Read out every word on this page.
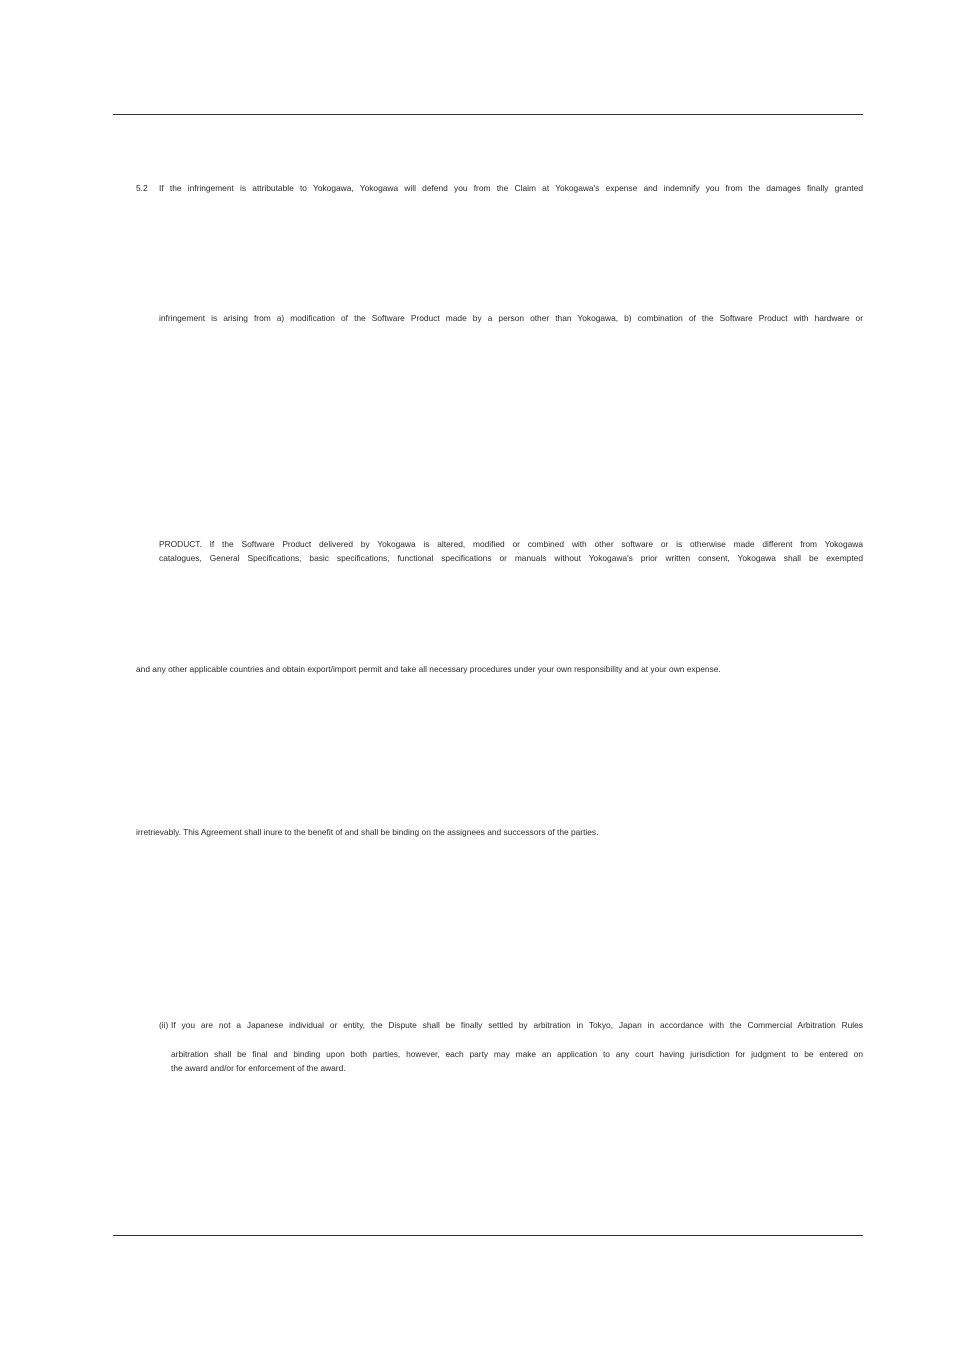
5.2 If the infringement is attributable to Yokogawa, Yokogawa will defend you from the Claim at Yokogawa's expense and indemnify you from the damages finally granted
infringement is arising from a) modification of the Software Product made by a person other than Yokogawa, b) combination of the Software Product with hardware or
PRODUCT. If the Software Product delivered by Yokogawa is altered, modified or combined with other software or is otherwise made different from Yokogawa
catalogues, General Specifications, basic specifications, functional specifications or manuals without Yokogawa's prior written consent, Yokogawa shall be exempted
and any other applicable countries and obtain export/import permit and take all necessary procedures under your own responsibility and at your own expense.
irretrievably. This Agreement shall inure to the benefit of and shall be binding on the assignees and successors of the parties.
(ii) If you are not a Japanese individual or entity, the Dispute shall be finally settled by arbitration in Tokyo, Japan in accordance with the Commercial Arbitration Rules
arbitration shall be final and binding upon both parties, however, each party may make an application to any court having jurisdiction for judgment to be entered on
the award and/or for enforcement of the award.
